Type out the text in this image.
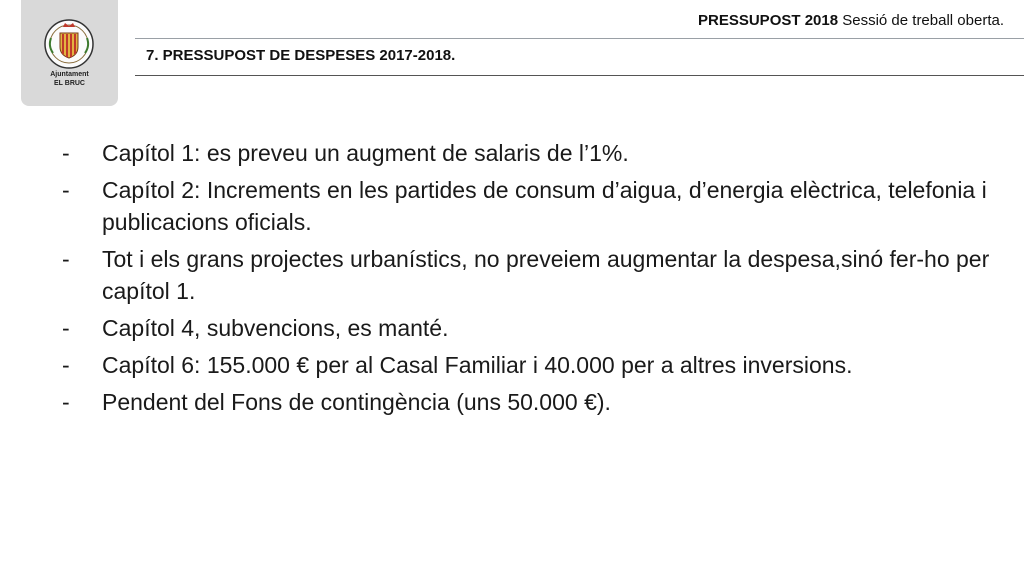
Ajuntament
EL BRUC
PRESSUPOST 2018 Sessió de treball oberta.
7. PRESSUPOST DE DESPESES 2017-2018.
- Capítol 1: es preveu un augment de salaris de l’1%.
- Capítol 2: Increments en les partides de consum d’aigua, d’energia elèctrica, telefonia i publicacions oficials.
- Tot i els grans projectes urbanístics, no preveiem augmentar la despesa,sinó fer-ho per capítol 1.
- Capítol 4, subvencions, es manté.
- Capítol 6: 155.000 € per al Casal Familiar i 40.000 per a altres inversions.
- Pendent del Fons de contingència (uns 50.000 €).
